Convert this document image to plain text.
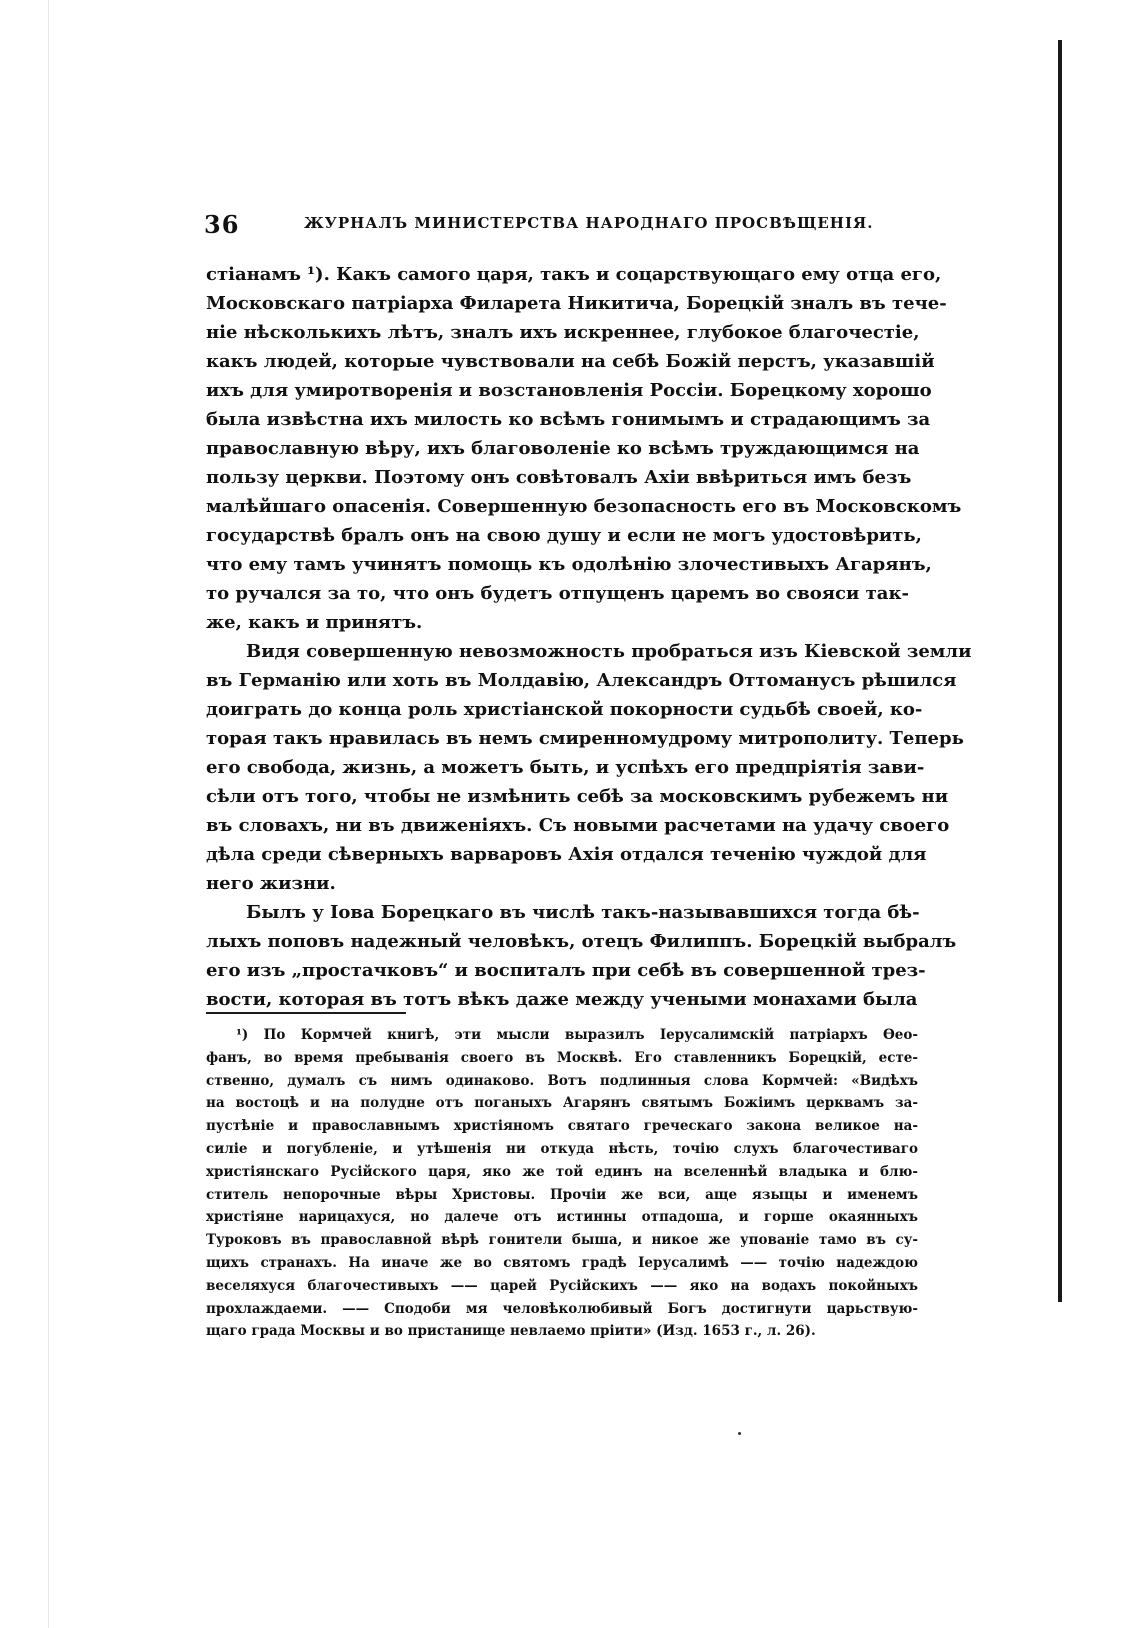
36	ЖУРНАЛЪ МИНИСТЕРСТВА НАРОДНАГО ПРОСВѢЩЕНІЯ.
стіанамъ ¹). Какъ самого царя, такъ и соцарствующаго ему отца его,
Московскаго патріарха Филарета Никитича, Борецкій зналъ въ тече-
ніе нѣсколькихъ лѣтъ, зналъ ихъ искреннее, глубокое благочестіе,
какъ людей, которые чувствовали на себѣ Божій перстъ, указавшій
ихъ для умиротворенія и возстановленія Россіи. Борецкому хорошо
была извѣстна ихъ милость ко всѣмъ гонимымъ и страдающимъ за
православную вѣру, ихъ благоволеніе ко всѣмъ труждающимся на
пользу церкви. Поэтому онъ совѣтовалъ Ахіи ввѣриться имъ безъ
малѣйшаго опасенія. Совершенную безопасность его въ Московскомъ
государствѣ бралъ онъ на свою душу и если не могъ удостовѣрить,
что ему тамъ учинятъ помощь къ одолѣнію злочестивыхъ Агарянъ,
то ручался за то, что онъ будетъ отпущенъ царемъ во свояси так-
же, какъ и принятъ.
Видя совершенную невозможность пробраться изъ Кіевской земли
въ Германію или хоть въ Молдавію, Александръ Оттоманусъ рѣшился
доиграть до конца роль христіанской покорности судьбѣ своей, ко-
торая такъ нравилась въ немъ смиренномудрому митрополиту. Теперь
его свобода, жизнь, а можетъ быть, и успѣхъ его предпріятія зави-
сѣли отъ того, чтобы не измѣнить себѣ за московскимъ рубежемъ ни
въ словахъ, ни въ движеніяхъ. Съ новыми расчетами на удачу своего
дѣла среди сѣверныхъ варваровъ Ахія отдался теченію чуждой для
него жизни.
Былъ у Іова Борецкаго въ числѣ такъ-называвшихся тогда бѣ-
лыхъ поповъ надежный человѣкъ, отецъ Филиппъ. Борецкій выбралъ
его изъ „простачковъ“ и воспиталъ при себѣ въ совершенной трез-
вости, которая въ тотъ вѣкъ даже между учеными монахами была
¹) По Кормчей книгѣ, эти мысли выразилъ Іерусалимскій патріархъ Ѳео-
фанъ, во время пребыванія своего въ Москвѣ. Его ставленникъ Борецкій, есте-
ственно, думалъ съ нимъ одинаково. Вотъ подлинныя слова Кормчей: «Видѣхъ
на востоцѣ и на полудне отъ поганыхъ Агарянъ святымъ Божіимъ церквамъ за-
пустѣніе и православнымъ христіяномъ святаго греческаго закона великое на-
силіе и погубленіе, и утѣшенія ни откуда нѣсть, точію слухъ благочестиваго
христіянскаго Русійского царя, яко же той единъ на вселеннѣй владыка и блю-
ститель непорочные вѣры Христовы. Прочіи же вси, аще языцы и именемъ
христіяне нарицахуся, но далече отъ истинны отпадоша, и горше окаянныхъ
Туроковъ въ православной вѣрѣ гонители быша, и никое же упованіе тамо въ су-
щихъ странахъ. На иначе же во святомъ градѣ Іерусалимѣ —— точію надеждою
веселяхуся благочестивыхъ —— царей Русійскихъ —— яко на водахъ покойныхъ
прохлаждаеми. —— Сподоби мя человѣколюбивый Богъ достигнути царьствую-
щаго града Москвы и во пристанище невлаемо пріити» (Изд. 1653 г., л. 26).
